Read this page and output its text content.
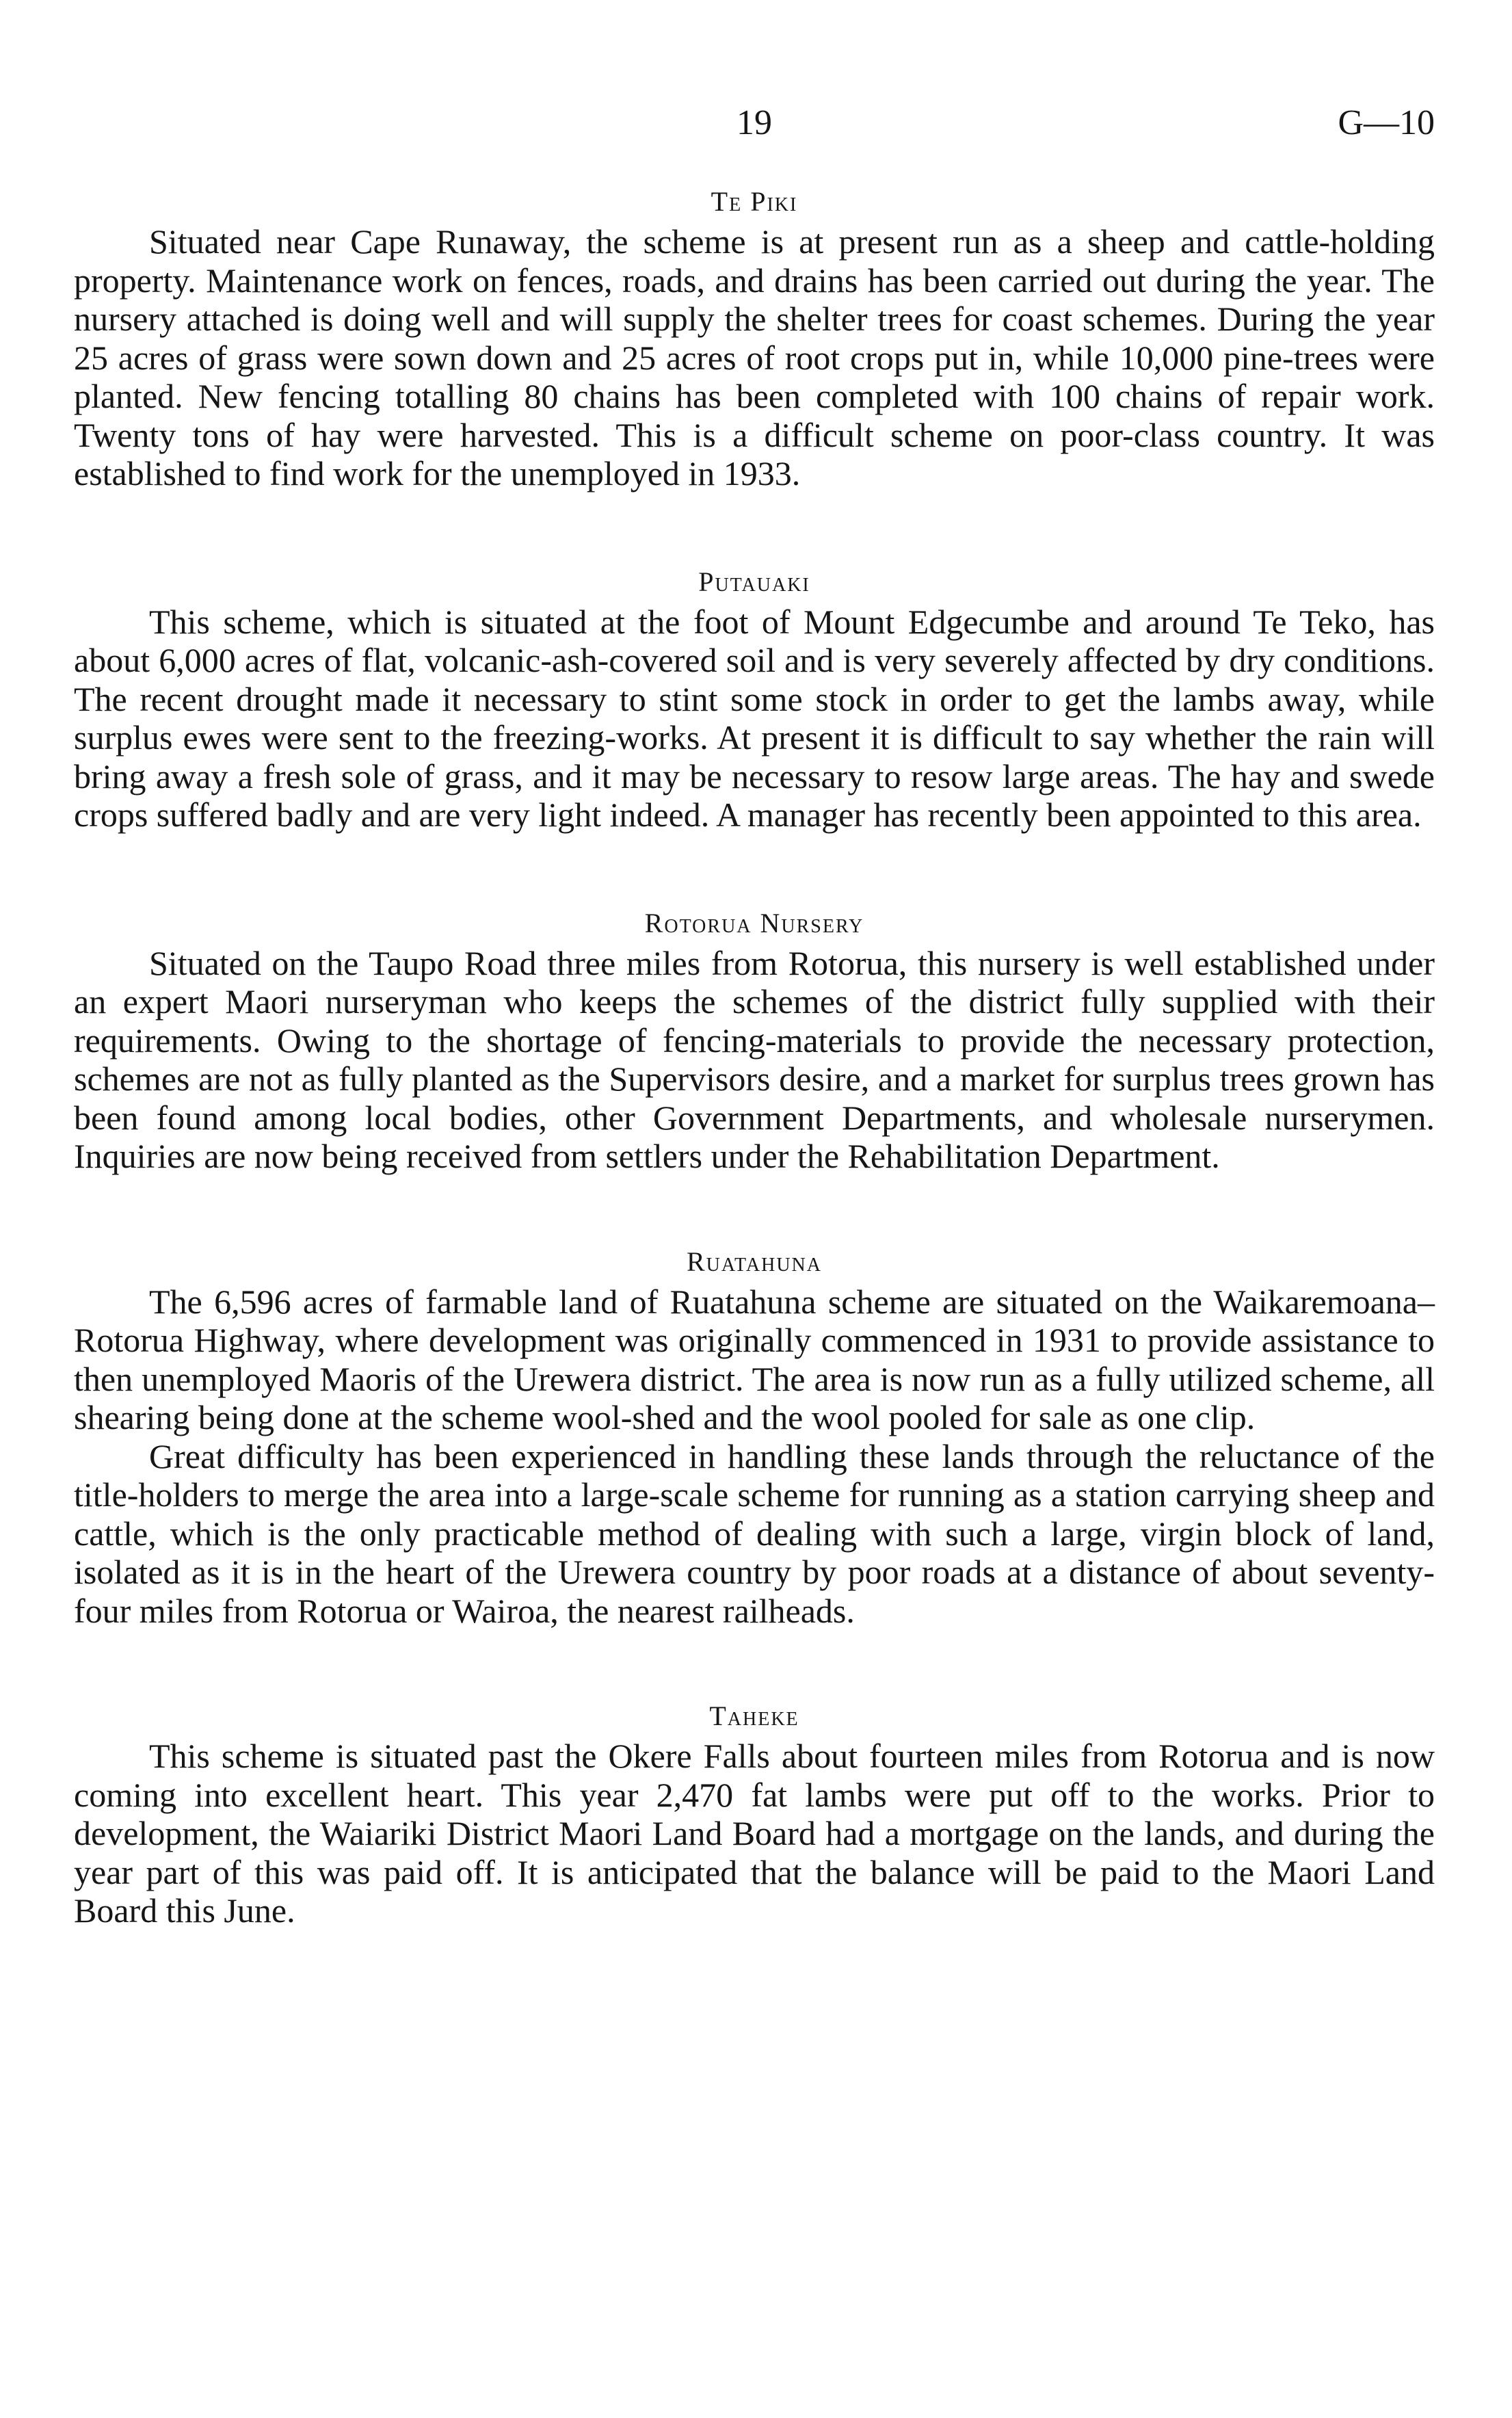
19	G—10
Te Piki

Situated near Cape Runaway, the scheme is at present run as a sheep and cattle-holding property. Maintenance work on fences, roads, and drains has been carried out during the year. The nursery attached is doing well and will supply the shelter trees for coast schemes. During the year 25 acres of grass were sown down and 25 acres of root crops put in, while 10,000 pine-trees were planted. New fencing totalling 80 chains has been completed with 100 chains of repair work. Twenty tons of hay were harvested. This is a difficult scheme on poor-class country. It was established to find work for the unemployed in 1933.

Putauaki

This scheme, which is situated at the foot of Mount Edgecumbe and around Te Teko, has about 6,000 acres of flat, volcanic-ash-covered soil and is very severely affected by dry conditions. The recent drought made it necessary to stint some stock in order to get the lambs away, while surplus ewes were sent to the freezing-works. At present it is difficult to say whether the rain will bring away a fresh sole of grass, and it may be necessary to resow large areas. The hay and swede crops suffered badly and are very light indeed. A manager has recently been appointed to this area.

Rotorua Nursery

Situated on the Taupo Road three miles from Rotorua, this nursery is well established under an expert Maori nurseryman who keeps the schemes of the district fully supplied with their requirements. Owing to the shortage of fencing-materials to provide the necessary protection, schemes are not as fully planted as the Supervisors desire, and a market for surplus trees grown has been found among local bodies, other Government Departments, and wholesale nurserymen. Inquiries are now being received from settlers under the Rehabilitation Department.

Ruatahuna

The 6,596 acres of farmable land of Ruatahuna scheme are situated on the Waikaremoana–Rotorua Highway, where development was originally commenced in 1931 to provide assistance to then unemployed Maoris of the Urewera district. The area is now run as a fully utilized scheme, all shearing being done at the scheme wool-shed and the wool pooled for sale as one clip.

Great difficulty has been experienced in handling these lands through the reluctance of the title-holders to merge the area into a large-scale scheme for running as a station carrying sheep and cattle, which is the only practicable method of dealing with such a large, virgin block of land, isolated as it is in the heart of the Urewera country by poor roads at a distance of about seventy-four miles from Rotorua or Wairoa, the nearest railheads.

Taheke

This scheme is situated past the Okere Falls about fourteen miles from Rotorua and is now coming into excellent heart. This year 2,470 fat lambs were put off to the works. Prior to development, the Waiariki District Maori Land Board had a mortgage on the lands, and during the year part of this was paid off. It is anticipated that the balance will be paid to the Maori Land Board this June.
